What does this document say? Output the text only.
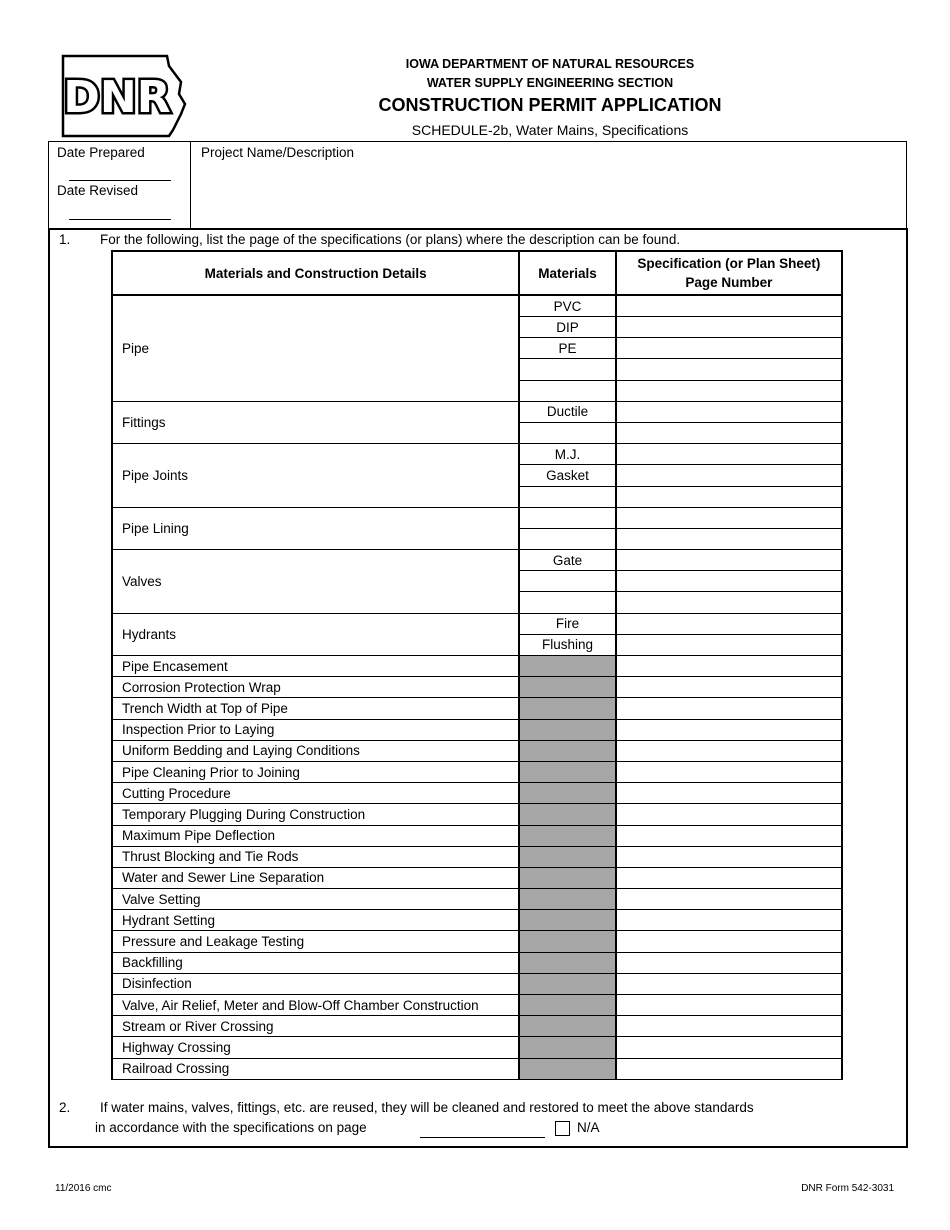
DNR
IOWA DEPARTMENT OF NATURAL RESOURCES
WATER SUPPLY ENGINEERING SECTION
CONSTRUCTION PERMIT APPLICATION
SCHEDULE-2b, Water Mains, Specifications
Date Prepared
Date Revised
Project Name/Description
1. For the following, list the page of the specifications (or plans) where the description can be found.
Materials and Construction Details	Materials	Specification (or Plan Sheet)
Page Number
Pipe	PVC	
	DIP	
	PE	

Fittings	Ductile	

Pipe Joints	M.J.	
	Gasket	

Pipe Lining		

Valves	Gate	

Hydrants	Fire	
	Flushing	
Pipe Encasement		
Corrosion Protection Wrap		
Trench Width at Top of Pipe		
Inspection Prior to Laying		
Uniform Bedding and Laying Conditions		
Pipe Cleaning Prior to Joining		
Cutting Procedure		
Temporary Plugging During Construction		
Maximum Pipe Deflection		
Thrust Blocking and Tie Rods		
Water and Sewer Line Separation		
Valve Setting		
Hydrant Setting		
Pressure and Leakage Testing		
Backfilling		
Disinfection		
Valve, Air Relief, Meter and Blow-Off Chamber Construction		
Stream or River Crossing		
Highway Crossing		
Railroad Crossing		
2. If water mains, valves, fittings, etc. are reused, they will be cleaned and restored to meet the above standards
in accordance with the specifications on page	N/A
11/2016 cmc	DNR Form 542-3031
